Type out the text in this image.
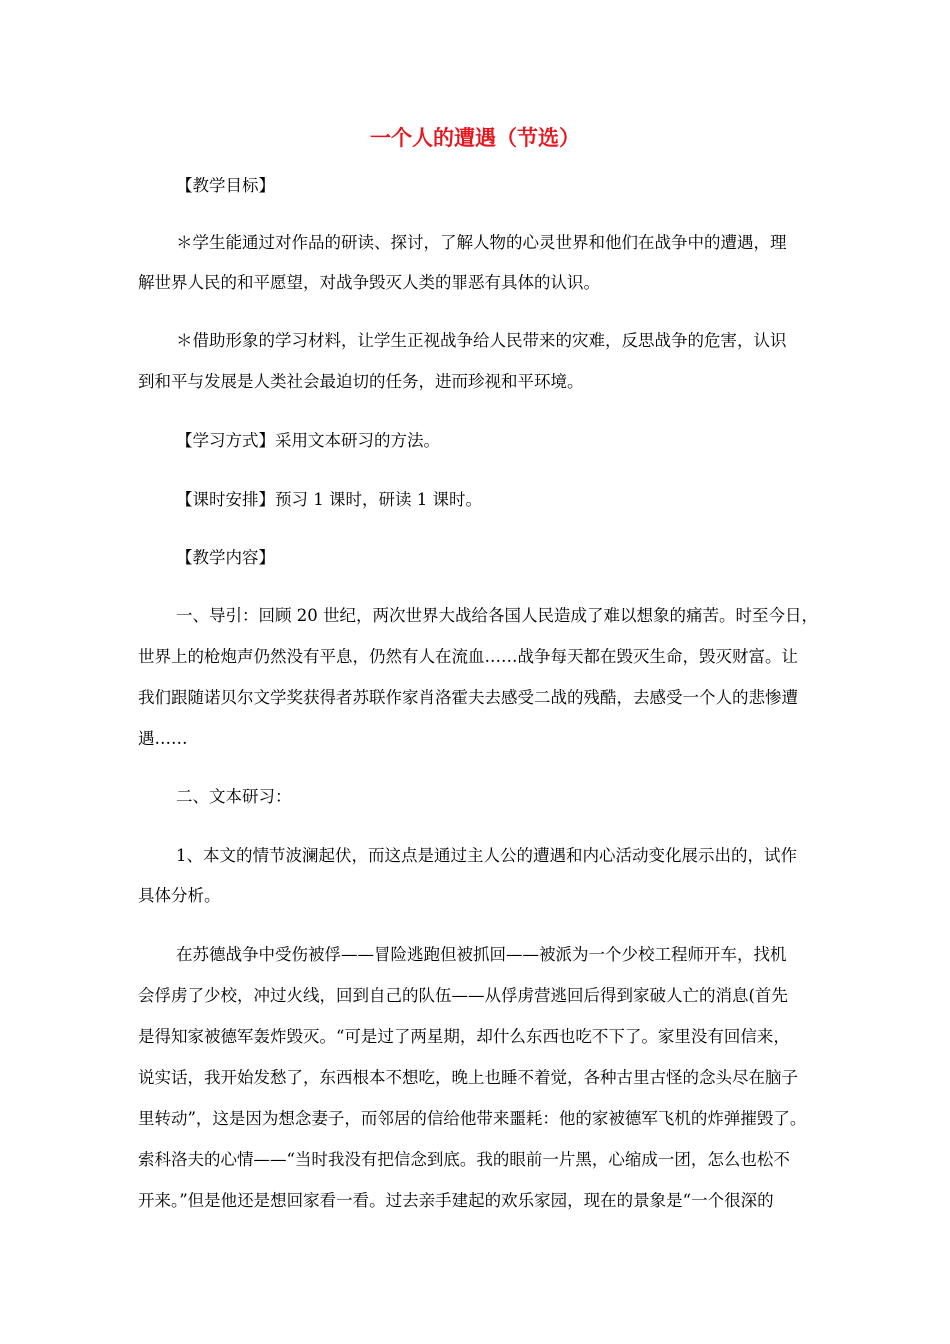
一个人的遭遇（节选）

【教学目标】

＊学生能通过对作品的研读、探讨，了解人物的心灵世界和他们在战争中的遭遇，理

解世界人民的和平愿望，对战争毁灭人类的罪恶有具体的认识。

＊借助形象的学习材料，让学生正视战争给人民带来的灾难，反思战争的危害，认识

到和平与发展是人类社会最迫切的任务，进而珍视和平环境。

【学习方式】采用文本研习的方法。

【课时安排】预习 1 课时，研读 1 课时。

【教学内容】

一、导引：回顾 20 世纪，两次世界大战给各国人民造成了难以想象的痛苦。时至今日，

世界上的枪炮声仍然没有平息，仍然有人在流血……战争每天都在毁灭生命，毁灭财富。让

我们跟随诺贝尔文学奖获得者苏联作家肖洛霍夫去感受二战的残酷，去感受一个人的悲惨遭

遇……

二、文本研习：

1、本文的情节波澜起伏，而这点是通过主人公的遭遇和内心活动变化展示出的，试作

具体分析。

在苏德战争中受伤被俘——冒险逃跑但被抓回——被派为一个少校工程师开车，找机

会俘虏了少校，冲过火线，回到自己的队伍——从俘虏营逃回后得到家破人亡的消息(首先

是得知家被德军轰炸毁灭。“可是过了两星期，却什么东西也吃不下了。家里没有回信来，

说实话，我开始发愁了，东西根本不想吃，晚上也睡不着觉，各种古里古怪的念头尽在脑子

里转动”，这是因为想念妻子，而邻居的信给他带来噩耗：他的家被德军飞机的炸弹摧毁了。

索科洛夫的心情——“当时我没有把信念到底。我的眼前一片黑，心缩成一团，怎么也松不

开来。”但是他还是想回家看一看。过去亲手建起的欢乐家园，现在的景象是“一个很深的
